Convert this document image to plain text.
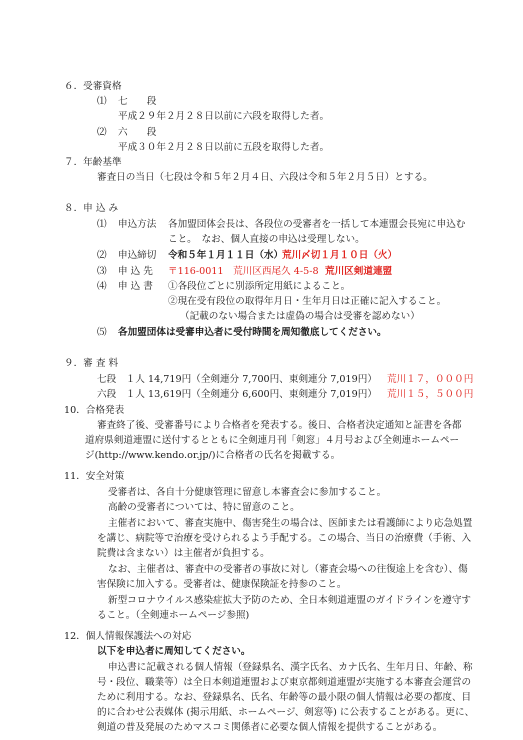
６．受審資格
⑴ 七　　段
平成２９年２月２８日以前に六段を取得した者。
⑵ 六　　段
平成３０年２月２８日以前に五段を取得した者。
７．年齢基準
審査日の当日（七段は令和５年２月４日、六段は令和５年２月５日）とする。
８．申 込 み
⑴ 申込方法 各加盟団体会長は、各段位の受審者を一括して本連盟会長宛に申込む
こと。　なお、個人直接の申込は受理しない。
⑵ 申込締切 令和５年１月１１日（水）
荒川〆切１月１０日（火）
⑶ 申 込 先 〒116-0011　荒川区西尾久 4-5-8 荒川区剣道連盟
⑷ 申 込 書 ①各段位ごとに別添所定用紙によること。
②現在受有段位の取得年月日・生年月日は正確に記入すること。
（記載のない場合または虚偽の場合は受審を認めない）
⑸ 各加盟団体は受審申込者に受付時間を周知徹底してください。
９．審 査 料
七段　１人 14,719円（全剣連分 7,700円、東剣連分 7,019円） 荒川１７，０００円
六段　１人 13,619円（全剣連分 6,600円、東剣連分 7,019円） 荒川１５，５００円
10．合格発表
審査終了後、受審番号により合格者を発表する。後日、合格者決定通知と証書を各都
道府県剣道連盟に送付するとともに全剣連月刊「剣窓」４月号および全剣連ホームペー
ジ(http://www.kendo.or.jp/)に合格者の氏名を掲載する。
11．安全対策
受審者は、各自十分健康管理に留意し本審査会に参加すること。
高齢の受審者については、特に留意のこと。
主催者において、審査実施中、傷害発生の場合は、医師または看護師により応急処置
を講じ、病院等で治療を受けられるよう手配する。この場合、当日の治療費（手術、入
院費は含まない）は主催者が負担する。
なお、主催者は、審査中の受審者の事故に対し（審査会場への往復途上を含む）、傷
害保険に加入する。受審者は、健康保険証を持参のこと。
新型コロナウイルス感染症拡大予防のため、全日本剣道連盟のガイドラインを遵守す
ること。（全剣連ホームページ参照)
12．個人情報保護法への対応
以下を申込者に周知してください。
申込書に記載される個人情報（登録県名、漢字氏名、カナ氏名、生年月日、年齢、称
号・段位、職業等）は全日本剣道連盟および東京都剣道連盟が実施する本審査会運営の
ために利用する。なお、登録県名、氏名、年齢等の最小限の個人情報は必要の都度、目
的に合わせ公表媒体 (掲示用紙、ホームページ、剣窓等) に公表することがある。更に、
剣道の普及発展のためマスコミ関係者に必要な個人情報を提供することがある。
